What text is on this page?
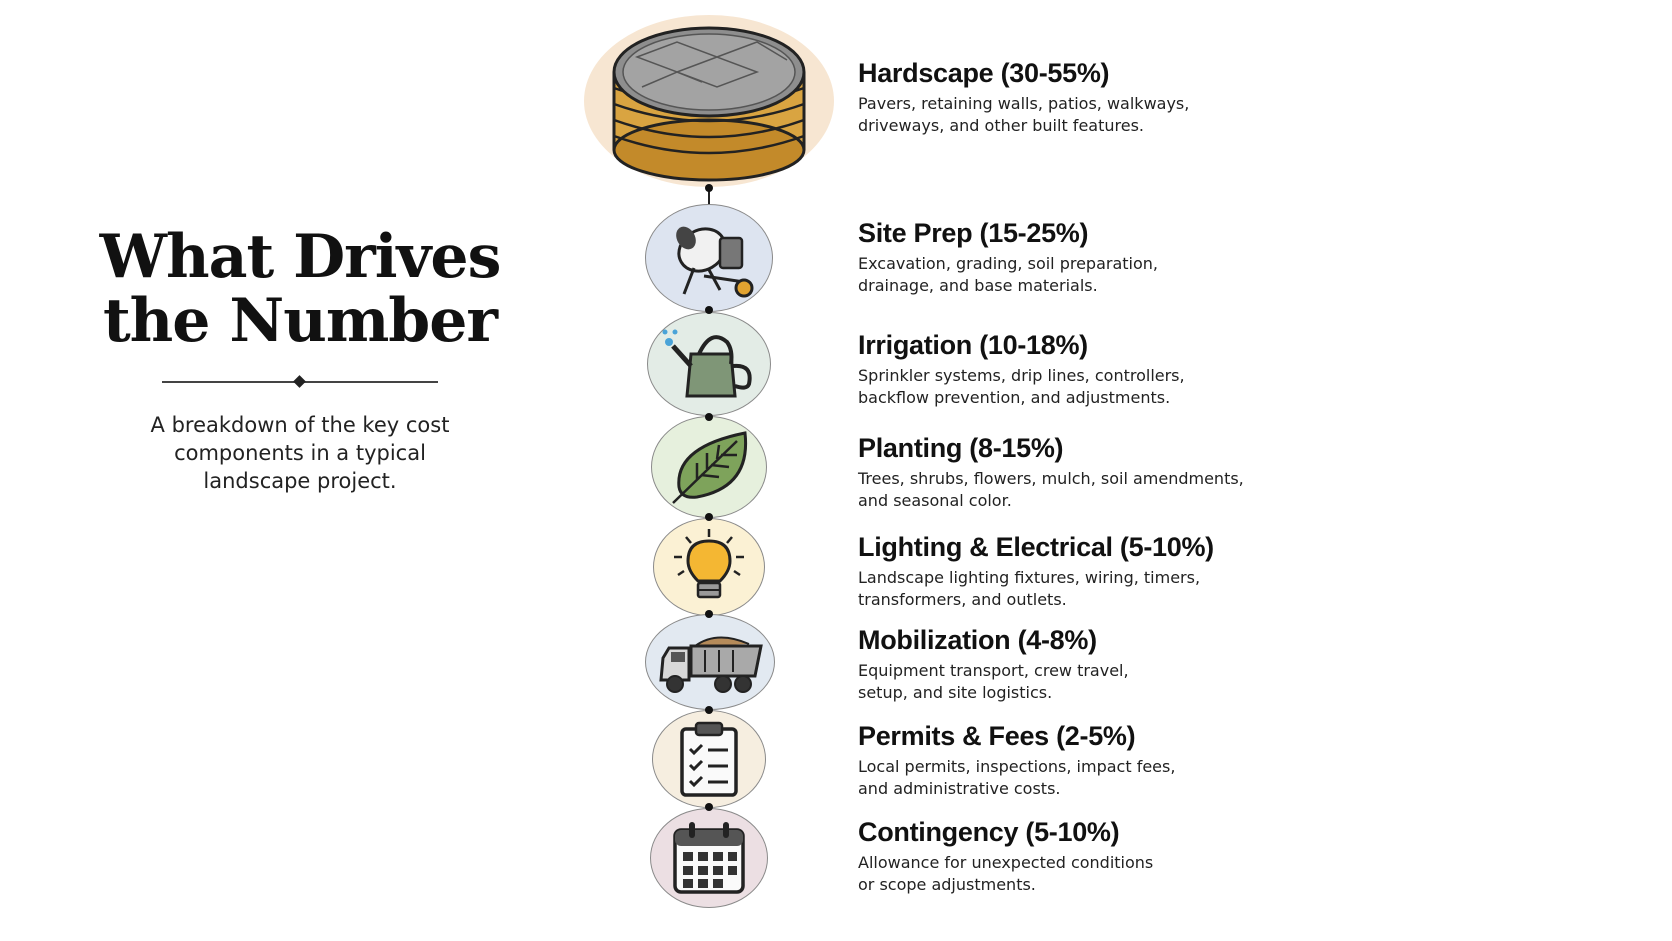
What Drives
the Number

A breakdown of the key cost components in a typical landscape project.

Hardscape (30-55%)
Pavers, retaining walls, patios, walkways,
driveways, and other built features.
Site Prep (15-25%)
Excavation, grading, soil preparation,
drainage, and base materials.
Irrigation (10-18%)
Sprinkler systems, drip lines, controllers,
backflow prevention, and adjustments.
Planting (8-15%)
Trees, shrubs, flowers, mulch, soil amendments,
and seasonal color.
Lighting & Electrical (5-10%)
Landscape lighting fixtures, wiring, timers,
transformers, and outlets.
Mobilization (4-8%)
Equipment transport, crew travel,
setup, and site logistics.
Permits & Fees (2-5%)
Local permits, inspections, impact fees,
and administrative costs.
Contingency (5-10%)
Allowance for unexpected conditions
or scope adjustments.
